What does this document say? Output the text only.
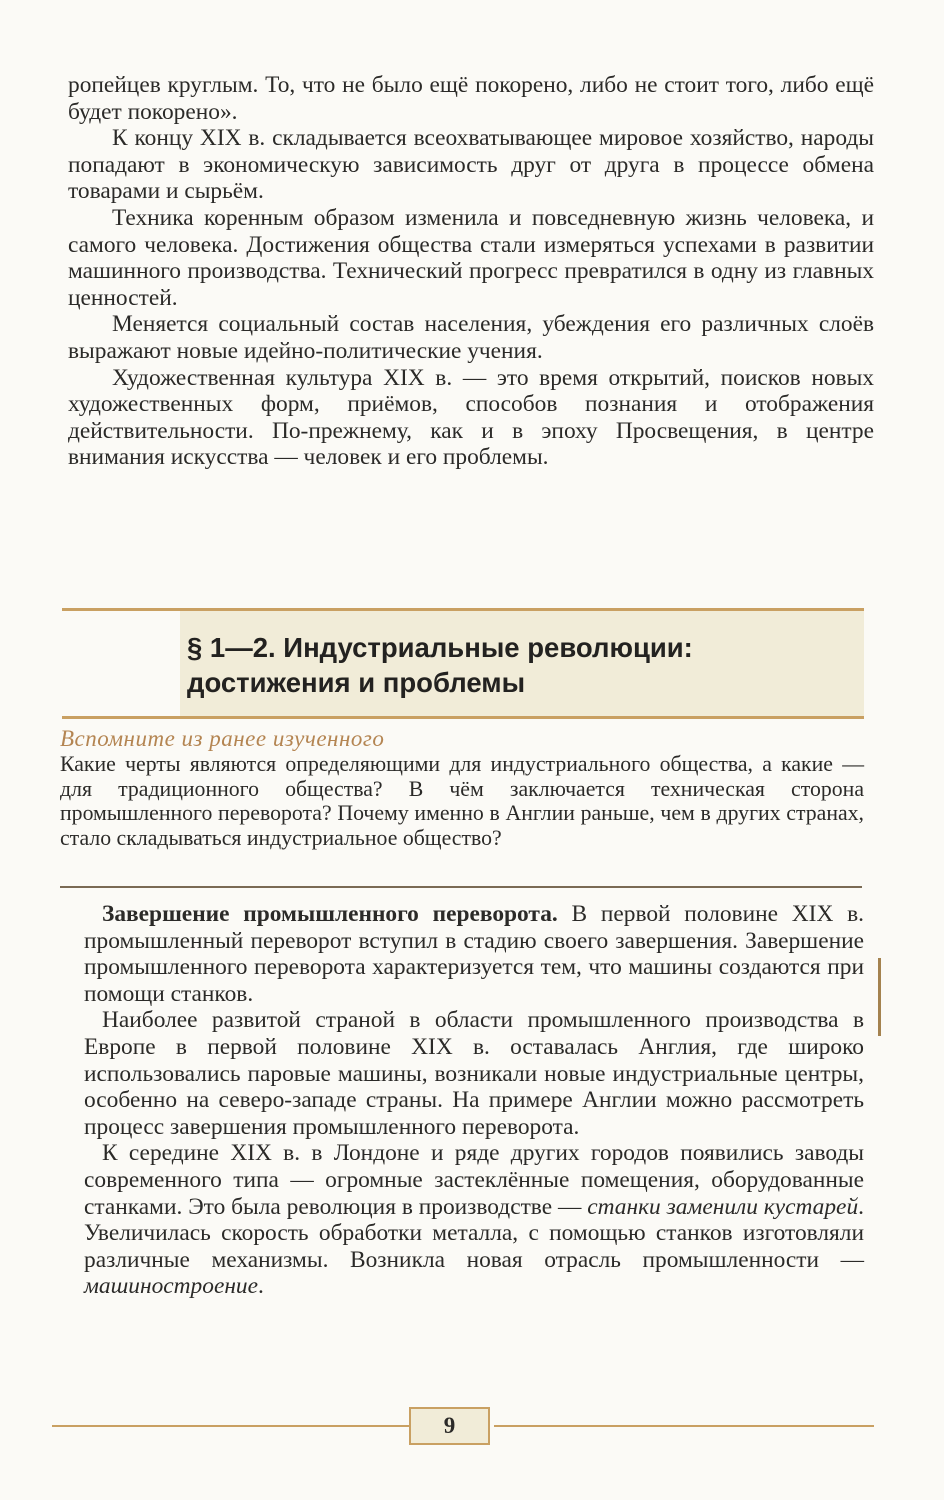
ропейцев круглым. То, что не было ещё покорено, либо не стоит того, либо ещё будет покорено».

К концу XIX в. складывается всеохватывающее мировое хозяйство, народы попадают в экономическую зависимость друг от друга в процессе обмена товарами и сырьём.

Техника коренным образом изменила и повседневную жизнь человека, и самого человека. Достижения общества стали измеряться успехами в развитии машинного производства. Технический прогресс превратился в одну из главных ценностей.

Меняется социальный состав населения, убеждения его различных слоёв выражают новые идейно-политические учения.

Художественная культура XIX в. — это время открытий, поисков новых художественных форм, приёмов, способов познания и отображения действительности. По-прежнему, как и в эпоху Просвещения, в центре внимания искусства — человек и его проблемы.

§ 1—2. Индустриальные революции:
достижения и проблемы
Вспомните из ранее изученного
Какие черты являются определяющими для индустриального общества, а какие — для традиционного общества? В чём заключается техническая сторона промышленного переворота? Почему именно в Англии раньше, чем в других странах, стало складываться индустриальное общество?

Завершение промышленного переворота. В первой половине XIX в. промышленный переворот вступил в стадию своего завершения. Завершение промышленного переворота характеризуется тем, что машины создаются при помощи станков.

Наиболее развитой страной в области промышленного производства в Европе в первой половине XIX в. оставалась Англия, где широко использовались паровые машины, возникали новые индустриальные центры, особенно на северо-западе страны. На примере Англии можно рассмотреть процесс завершения промышленного переворота.

К середине XIX в. в Лондоне и ряде других городов появились заводы современного типа — огромные застеклённые помещения, оборудованные станками. Это была революция в производстве — станки заменили кустарей. Увеличилась скорость обработки металла, с помощью станков изготовляли различные механизмы. Возникла новая отрасль промышленности — машиностроение.

9
